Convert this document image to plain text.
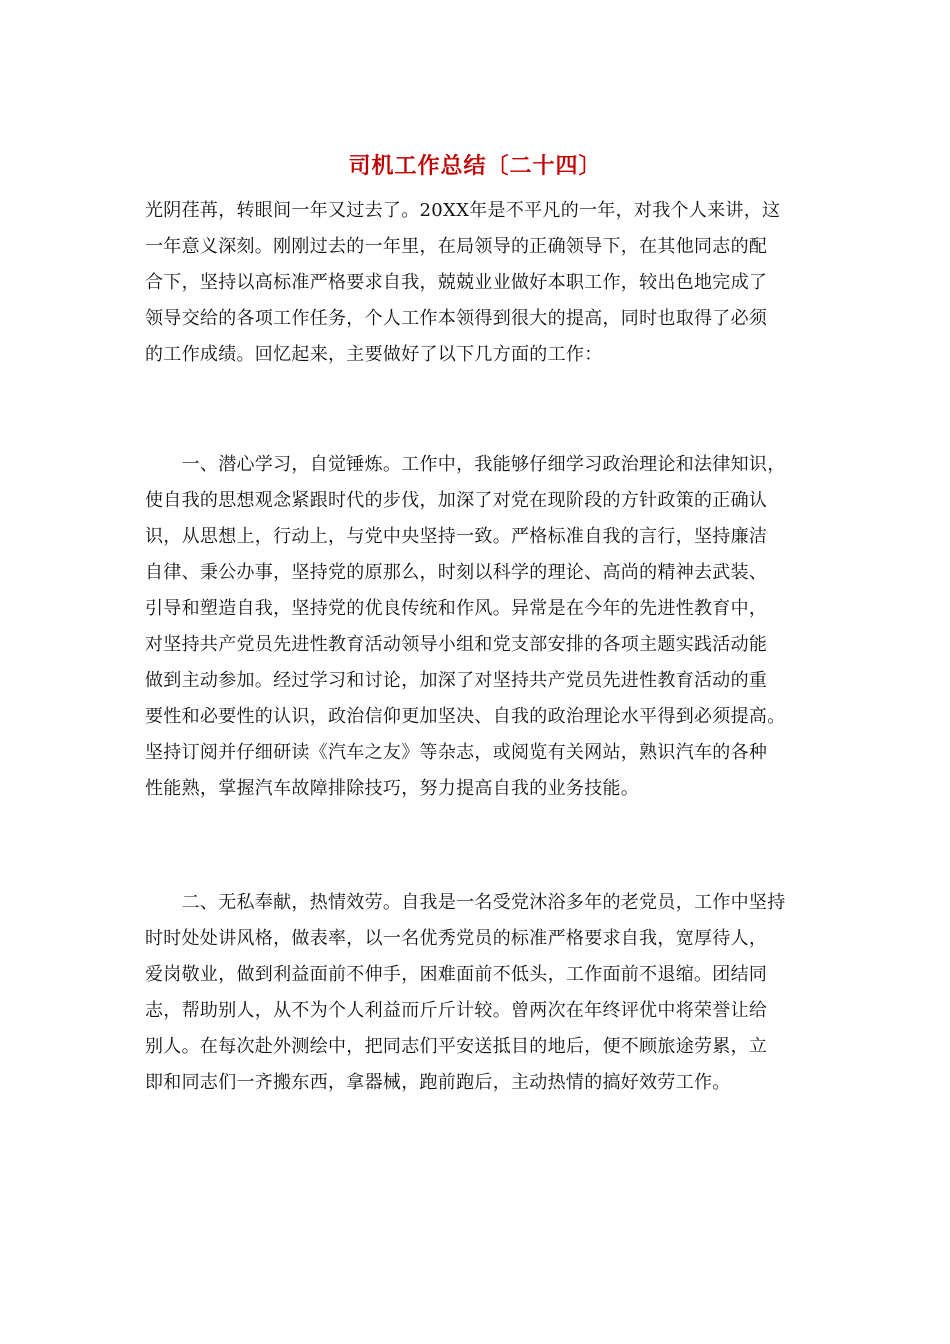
司机工作总结〔二十四〕
光阴荏苒，转眼间一年又过去了。20XX年是不平凡的一年，对我个人来讲，这
一年意义深刻。刚刚过去的一年里，在局领导的正确领导下，在其他同志的配
合下，坚持以高标准严格要求自我，兢兢业业做好本职工作，较出色地完成了
领导交给的各项工作任务，个人工作本领得到很大的提高，同时也取得了必须
的工作成绩。回忆起来，主要做好了以下几方面的工作：
　　一、潜心学习，自觉锤炼。工作中，我能够仔细学习政治理论和法律知识，
使自我的思想观念紧跟时代的步伐，加深了对党在现阶段的方针政策的正确认
识，从思想上，行动上，与党中央坚持一致。严格标准自我的言行，坚持廉洁
自律、秉公办事，坚持党的原那么，时刻以科学的理论、高尚的精神去武装、
引导和塑造自我，坚持党的优良传统和作风。异常是在今年的先进性教育中，
对坚持共产党员先进性教育活动领导小组和党支部安排的各项主题实践活动能
做到主动参加。经过学习和讨论，加深了对坚持共产党员先进性教育活动的重
要性和必要性的认识，政治信仰更加坚决、自我的政治理论水平得到必须提高。
坚持订阅并仔细研读《汽车之友》等杂志，或阅览有关网站，熟识汽车的各种
性能熟，掌握汽车故障排除技巧，努力提高自我的业务技能。
　　二、无私奉献，热情效劳。自我是一名受党沐浴多年的老党员，工作中坚持
时时处处讲风格，做表率，以一名优秀党员的标准严格要求自我，宽厚待人，
爱岗敬业，做到利益面前不伸手，困难面前不低头，工作面前不退缩。团结同
志，帮助别人，从不为个人利益而斤斤计较。曾两次在年终评优中将荣誉让给
别人。在每次赴外测绘中，把同志们平安送抵目的地后，便不顾旅途劳累，立
即和同志们一齐搬东西，拿器械，跑前跑后，主动热情的搞好效劳工作。
